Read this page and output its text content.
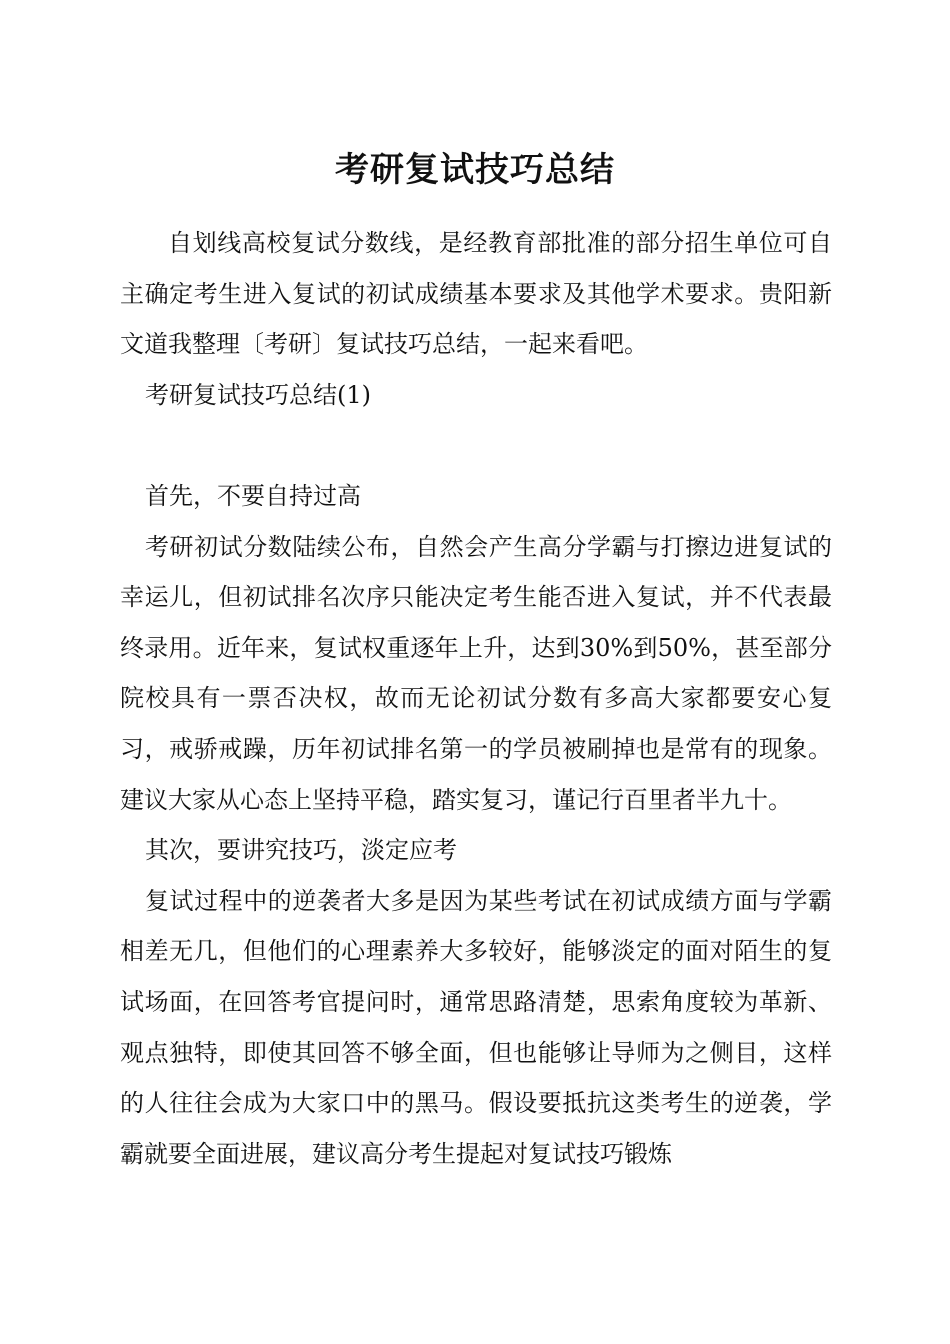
考研复试技巧总结

自划线高校复试分数线，是经教育部批准的部分招生单位可自主确定考生进入复试的初试成绩基本要求及其他学术要求。贵阳新文道我整理〔考研〕复试技巧总结，一起来看吧。

考研复试技巧总结(1)

首先，不要自持过高

考研初试分数陆续公布，自然会产生高分学霸与打擦边进复试的幸运儿，但初试排名次序只能决定考生能否进入复试，并不代表最终录用。近年来，复试权重逐年上升，达到30%到50%，甚至部分院校具有一票否决权，故而无论初试分数有多高大家都要安心复习，戒骄戒躁，历年初试排名第一的学员被刷掉也是常有的现象。建议大家从心态上坚持平稳，踏实复习，谨记行百里者半九十。

其次，要讲究技巧，淡定应考

复试过程中的逆袭者大多是因为某些考试在初试成绩方面与学霸相差无几，但他们的心理素养大多较好，能够淡定的面对陌生的复试场面，在回答考官提问时，通常思路清楚，思索角度较为革新、观点独特，即使其回答不够全面，但也能够让导师为之侧目，这样的人往往会成为大家口中的黑马。假设要抵抗这类考生的逆袭，学霸就要全面进展，建议高分考生提起对复试技巧锻炼
